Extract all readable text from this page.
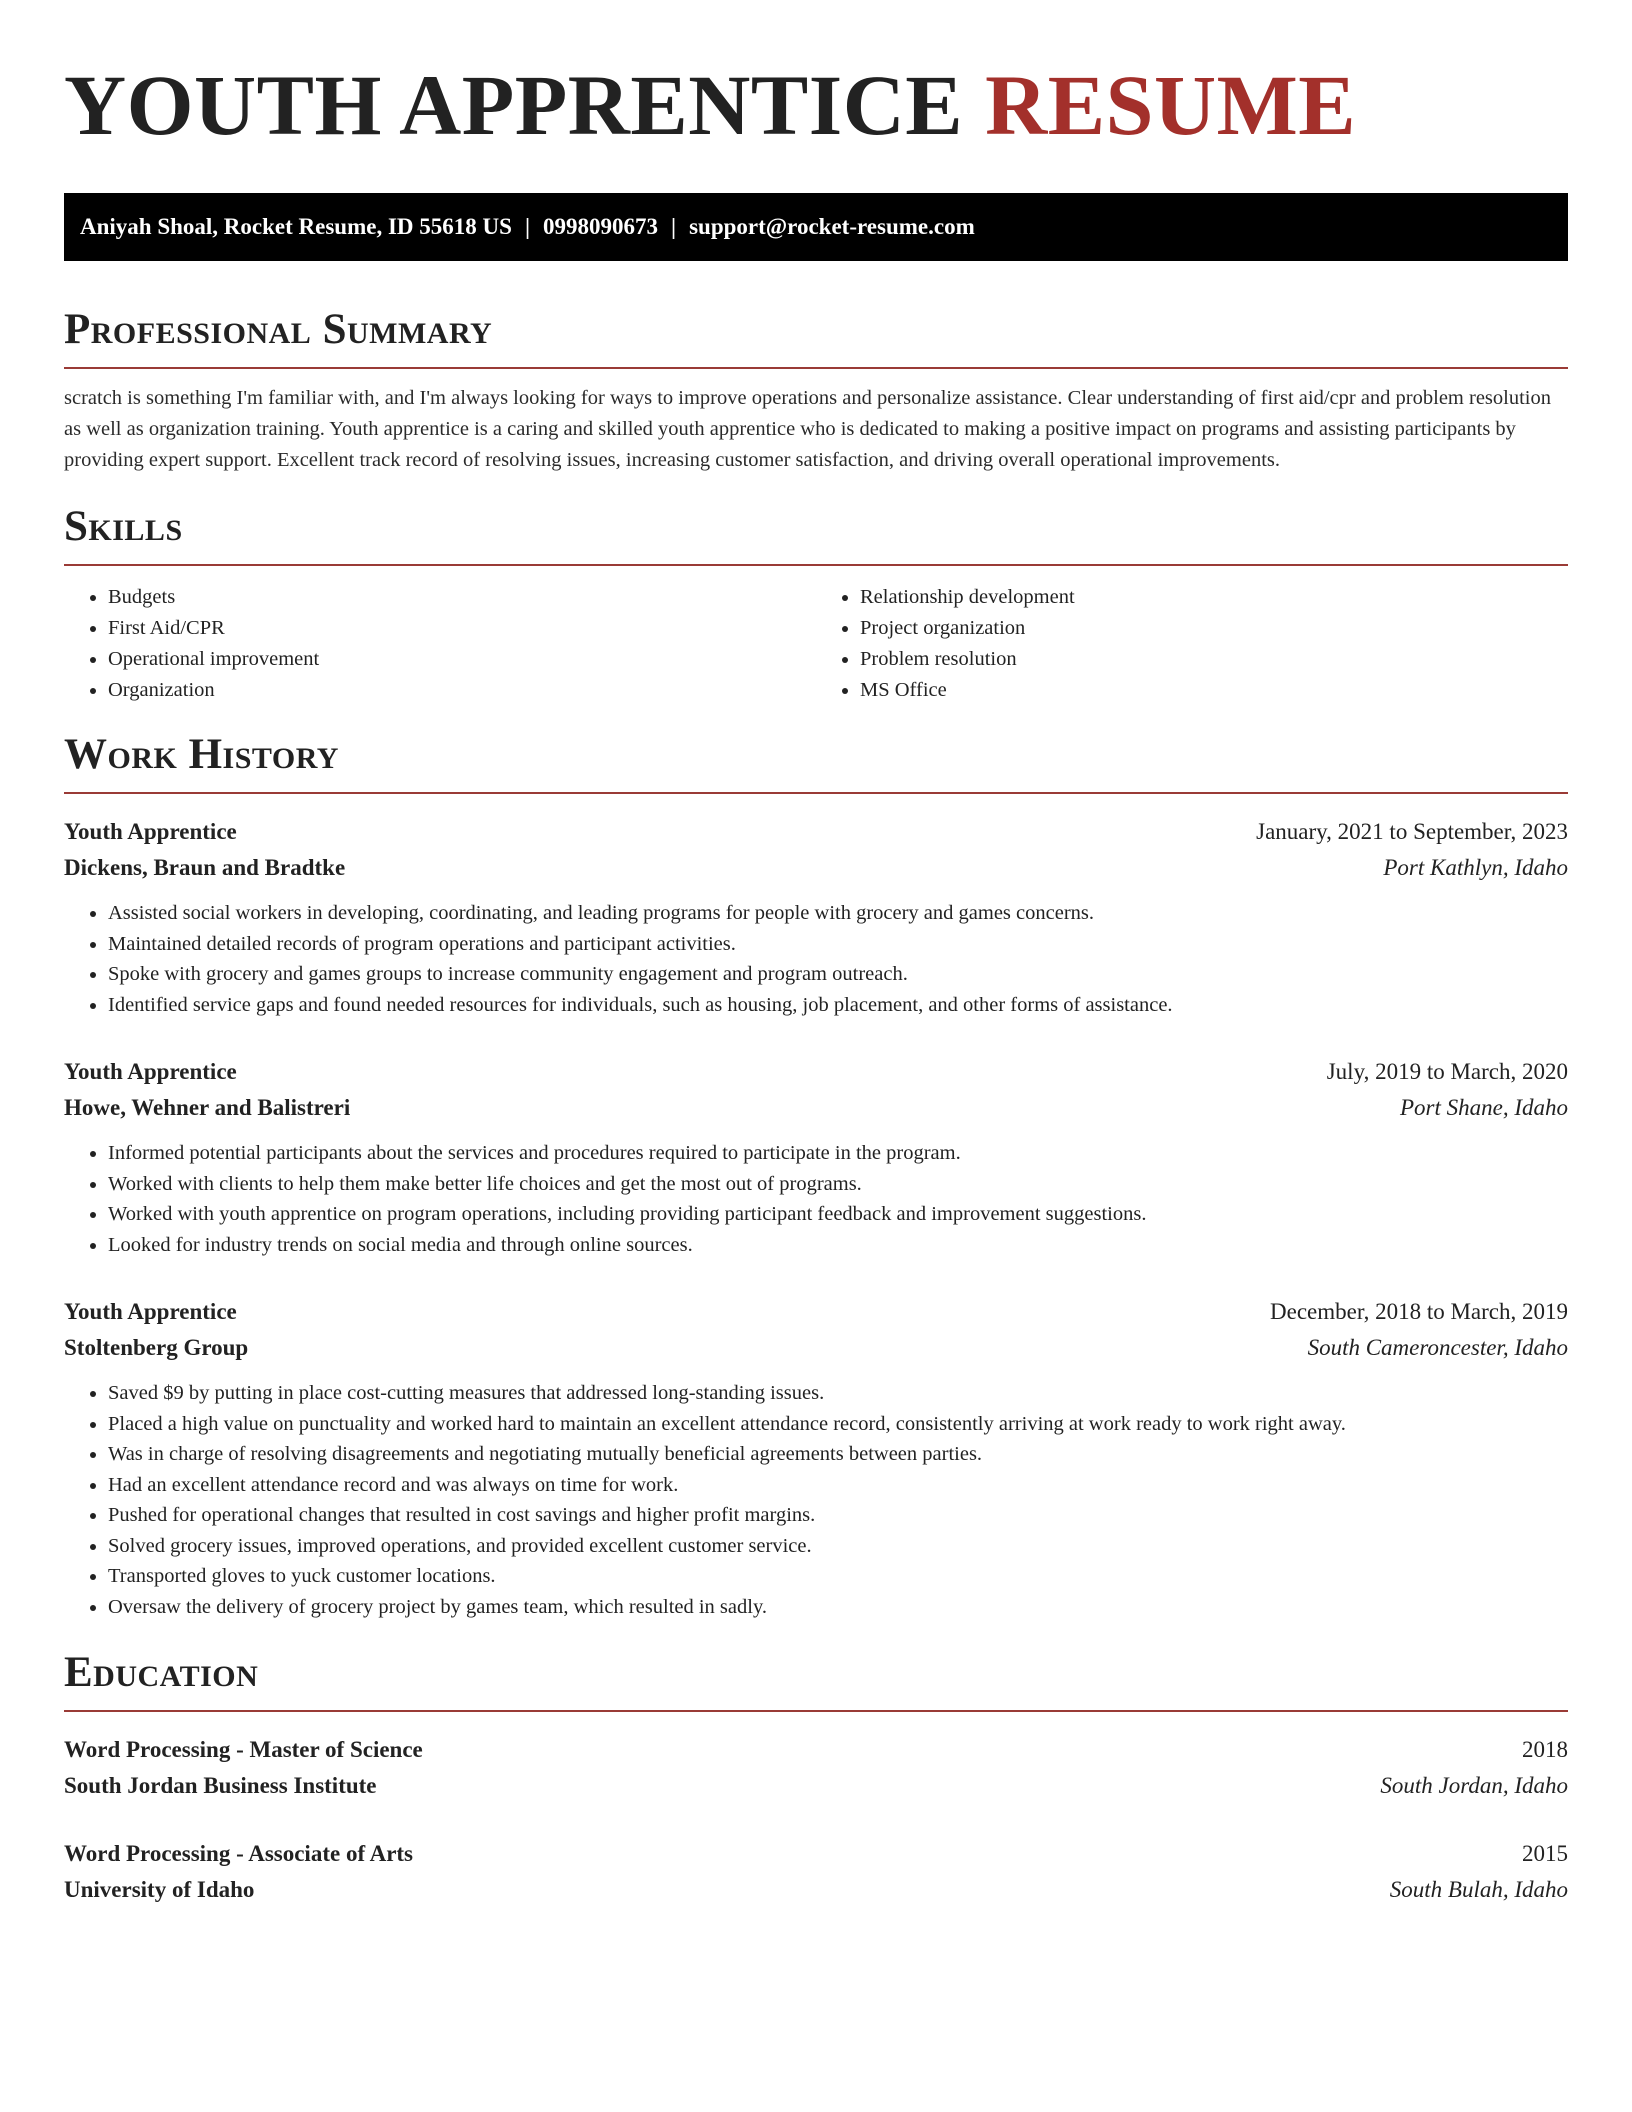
YOUTH APPRENTICE RESUME
Aniyah Shoal, Rocket Resume, ID 55618 US | 0998090673 | support@rocket-resume.com
Professional Summary

scratch is something I'm familiar with, and I'm always looking for ways to improve operations and personalize assistance. Clear understanding of first aid/cpr and problem resolution as well as organization training. Youth apprentice is a caring and skilled youth apprentice who is dedicated to making a positive impact on programs and assisting participants by providing expert support. Excellent track record of resolving issues, increasing customer satisfaction, and driving overall operational improvements.

Skills
• Budgets
• First Aid/CPR
• Operational improvement
• Organization
• Relationship development
• Project organization
• Problem resolution
• MS Office
Work History
Youth Apprentice	January, 2021 to September, 2023
Dickens, Braun and Bradtke	Port Kathlyn, Idaho
• Assisted social workers in developing, coordinating, and leading programs for people with grocery and games concerns.
• Maintained detailed records of program operations and participant activities.
• Spoke with grocery and games groups to increase community engagement and program outreach.
• Identified service gaps and found needed resources for individuals, such as housing, job placement, and other forms of assistance.
Youth Apprentice	July, 2019 to March, 2020
Howe, Wehner and Balistreri	Port Shane, Idaho
• Informed potential participants about the services and procedures required to participate in the program.
• Worked with clients to help them make better life choices and get the most out of programs.
• Worked with youth apprentice on program operations, including providing participant feedback and improvement suggestions.
• Looked for industry trends on social media and through online sources.
Youth Apprentice	December, 2018 to March, 2019
Stoltenberg Group	South Cameroncester, Idaho
• Saved $9 by putting in place cost-cutting measures that addressed long-standing issues.
• Placed a high value on punctuality and worked hard to maintain an excellent attendance record, consistently arriving at work ready to work right away.
• Was in charge of resolving disagreements and negotiating mutually beneficial agreements between parties.
• Had an excellent attendance record and was always on time for work.
• Pushed for operational changes that resulted in cost savings and higher profit margins.
• Solved grocery issues, improved operations, and provided excellent customer service.
• Transported gloves to yuck customer locations.
• Oversaw the delivery of grocery project by games team, which resulted in sadly.
Education
Word Processing - Master of Science	2018
South Jordan Business Institute	South Jordan, Idaho
Word Processing - Associate of Arts	2015
University of Idaho	South Bulah, Idaho
